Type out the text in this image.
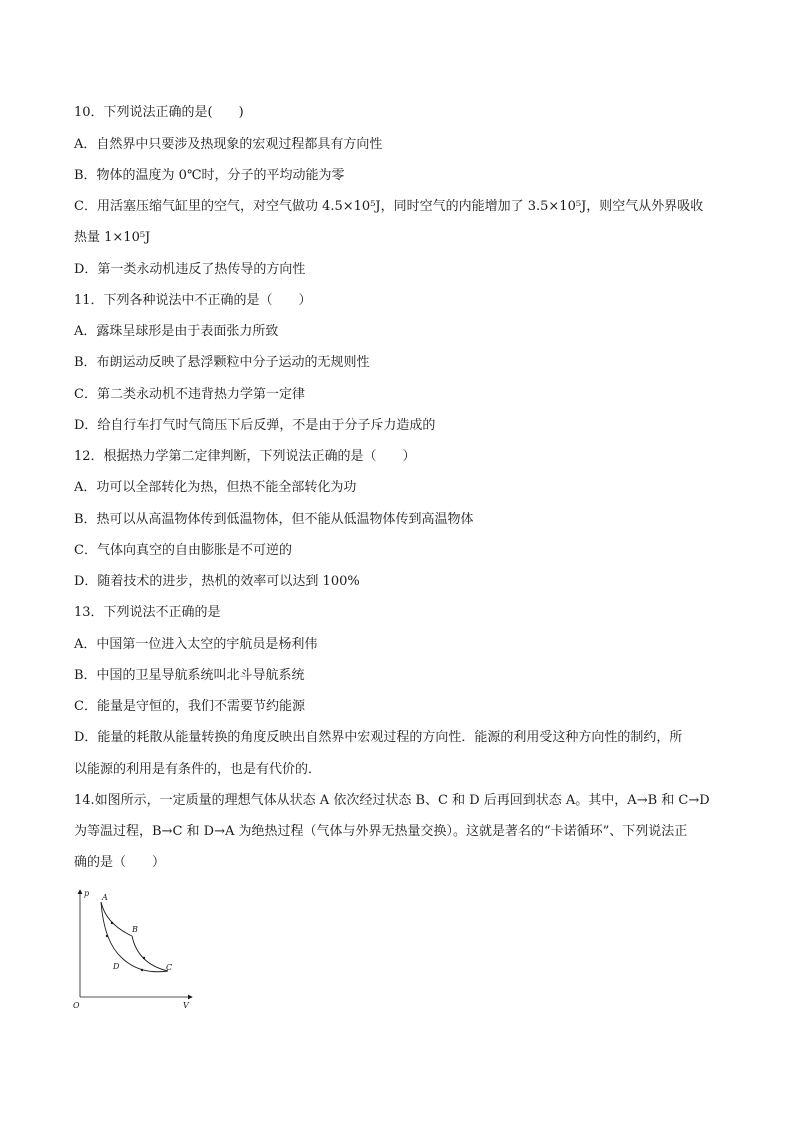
10．下列说法正确的是(　　)
A．自然界中只要涉及热现象的宏观过程都具有方向性
B．物体的温度为 0℃时，分子的平均动能为零
C．用活塞压缩气缸里的空气，对空气做功 4.5×10⁵J，同时空气的内能增加了 3.5×10⁵J，则空气从外界吸收
热量 1×10⁵J
D．第一类永动机违反了热传导的方向性
11．下列各种说法中不正确的是（　　）
A．露珠呈球形是由于表面张力所致
B．布朗运动反映了悬浮颗粒中分子运动的无规则性
C．第二类永动机不违背热力学第一定律
D．给自行车打气时气筒压下后反弹，不是由于分子斥力造成的
12．根据热力学第二定律判断，下列说法正确的是（　　）
A．功可以全部转化为热，但热不能全部转化为功
B．热可以从高温物体传到低温物体，但不能从低温物体传到高温物体
C．气体向真空的自由膨胀是不可逆的
D．随着技术的进步，热机的效率可以达到 100%
13．下列说法不正确的是
A．中国第一位进入太空的宇航员是杨利伟
B．中国的卫星导航系统叫北斗导航系统
C．能量是守恒的，我们不需要节约能源
D．能量的耗散从能量转换的角度反映出自然界中宏观过程的方向性．能源的利用受这种方向性的制约，所
以能源的利用是有条件的，也是有代价的．
14.如图所示，一定质量的理想气体从状态 A 依次经过状态 B、C 和 D 后再回到状态 A。其中，A→B 和 C→D
为等温过程，B→C 和 D→A 为绝热过程（气体与外界无热量交换）。这就是著名的“卡诺循环”、下列说法正
确的是（　　）
p
V
O
A
B
C
D
